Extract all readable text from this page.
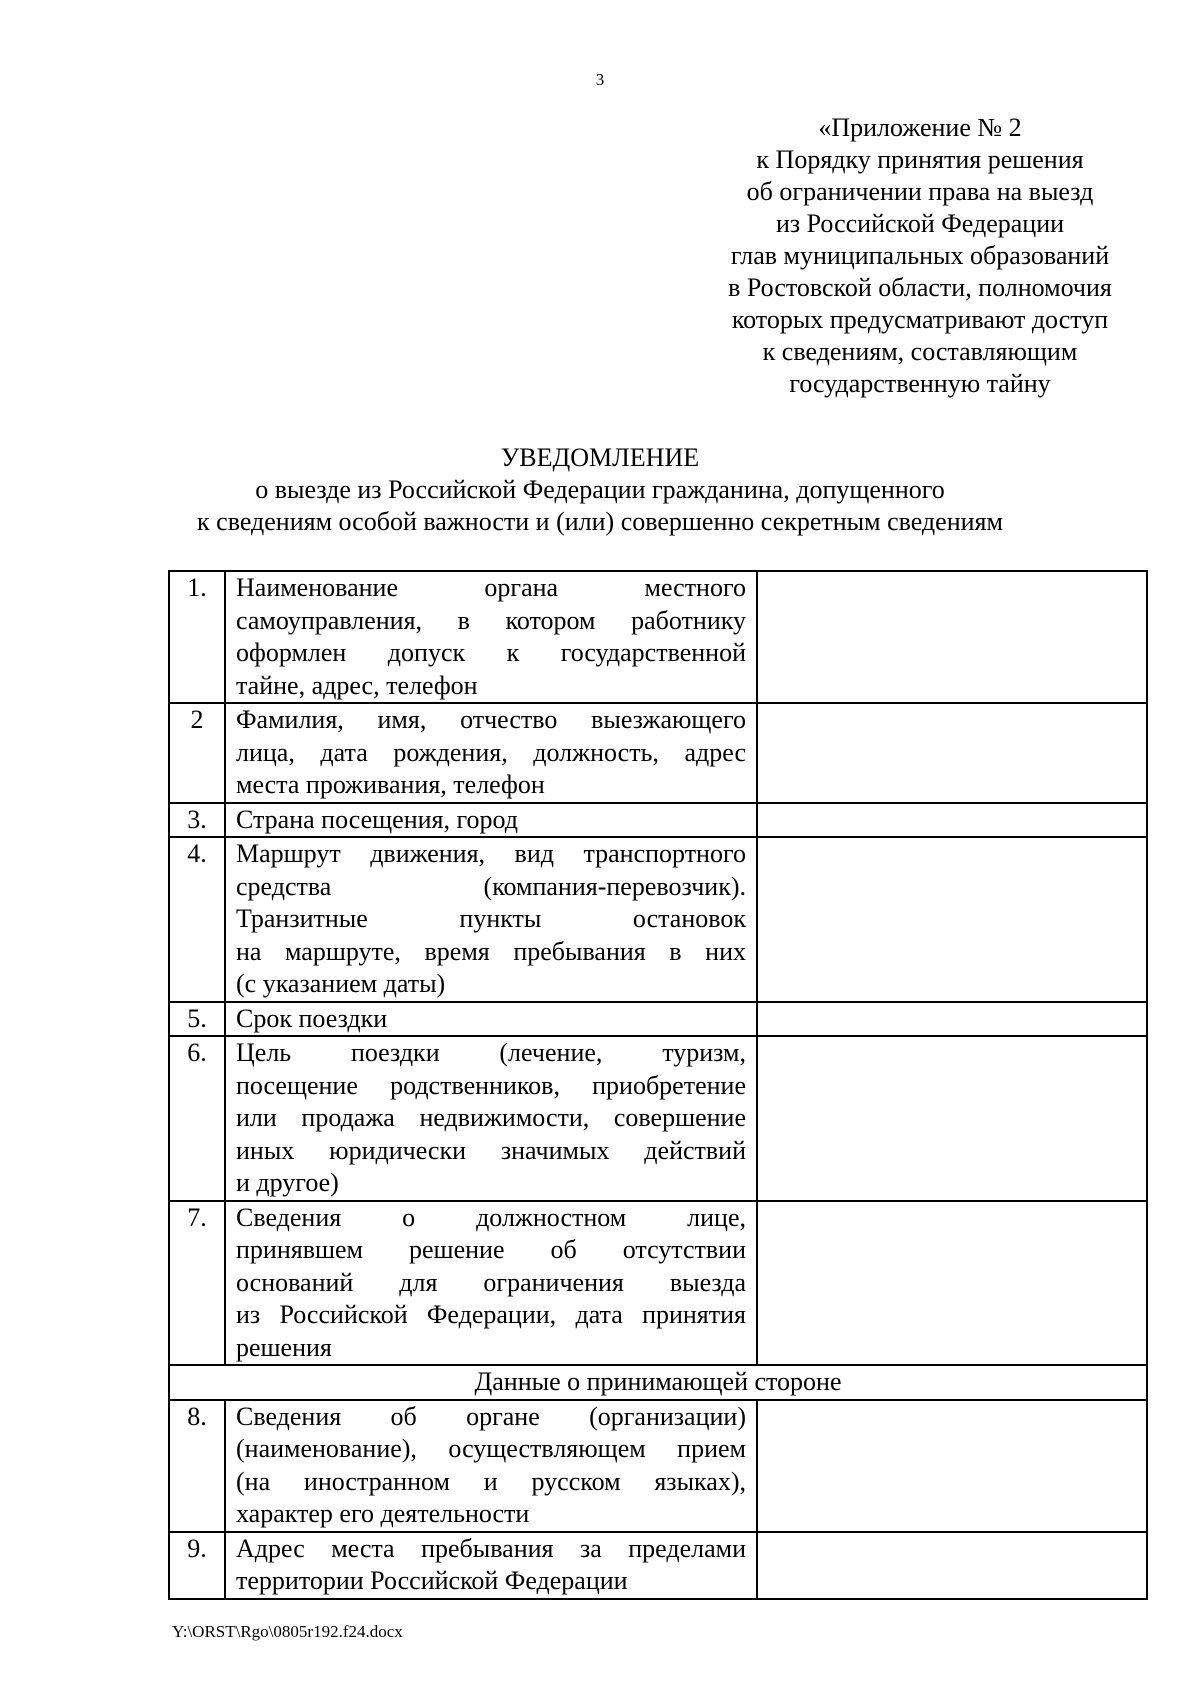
3
«Приложение № 2
к Порядку принятия решения
об ограничении права на выезд
из Российской Федерации
глав муниципальных образований
в Ростовской области, полномочия
которых предусматривают доступ
к сведениям, составляющим
государственную тайну
УВЕДОМЛЕНИЕ
о выезде из Российской Федерации гражданина, допущенного
к сведениям особой важности и (или) совершенно секретным сведениям
1.	Наименование органа местного
самоуправления, в котором работнику
оформлен допуск к государственной
тайне, адрес, телефон	

2	Фамилия, имя, отчество выезжающего
лица, дата рождения, должность, адрес
места проживания, телефон	

3.	Страна посещения, город	

4.	Маршрут движения, вид транспортного
средства (компания-перевозчик).
Транзитные пункты остановок
на маршруте, время пребывания в них
(с указанием даты)	

5.	Срок поездки	

6.	Цель поездки (лечение, туризм,
посещение родственников, приобретение
или продажа недвижимости, совершение
иных юридически значимых действий
и другое)	

7.	Сведения о должностном лице,
принявшем решение об отсутствии
оснований для ограничения выезда
из Российской Федерации, дата принятия
решения	

Данные о принимающей стороне		
8.	Сведения об органе (организации)
(наименование), осуществляющем прием
(на иностранном и русском языках),
характер его деятельности	

9.	Адрес места пребывания за пределами
территории Российской Федерации	

Y:\ORST\Rgo\0805r192.f24.docx
